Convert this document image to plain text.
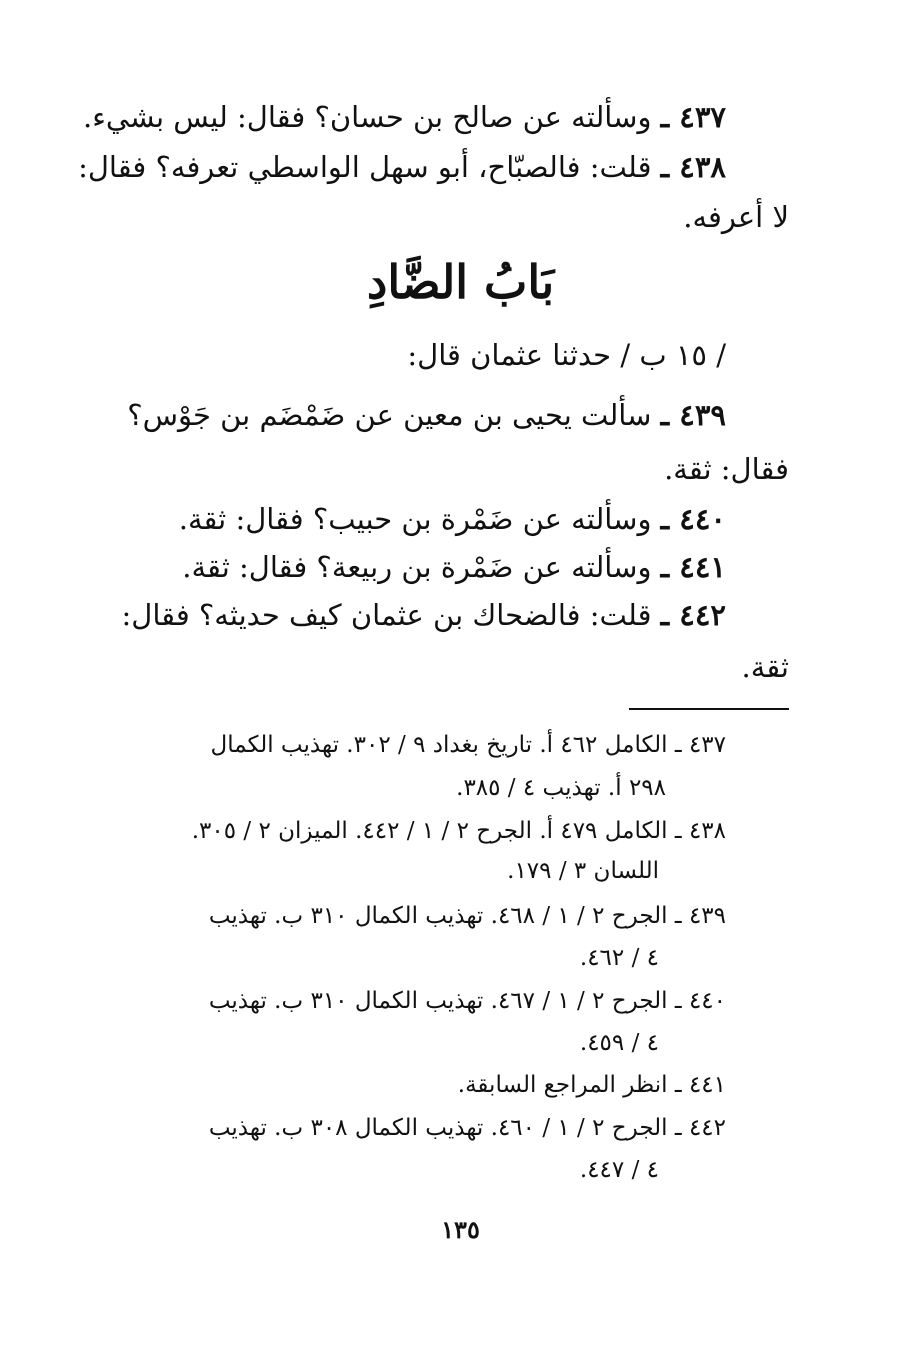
٤٣٧ ـ وسألته عن صالح بن حسان؟ فقال: ليس بشيء.
٤٣٨ ـ قلت: فالصبّاح، أبو سهل الواسطي تعرفه؟ فقال:
لا أعرفه.
بَابُ الضَّادِ
/ ١٥ ب / حدثنا عثمان قال:
٤٣٩ ـ سألت يحيى بن معين عن ضَمْضَم بن جَوْس؟
فقال: ثقة.
٤٤٠ ـ وسألته عن ضَمْرة بن حبيب؟ فقال: ثقة.
٤٤١ ـ وسألته عن ضَمْرة بن ربيعة؟ فقال: ثقة.
٤٤٢ ـ قلت: فالضحاك بن عثمان كيف حديثه؟ فقال:
ثقة.
٤٣٧ ـ الكامل ٤٦٢ أ. تاريخ بغداد ٩ / ٣٠٢. تهذيب الكمال
٢٩٨ أ. تهذيب ٤ / ٣٨٥.
٤٣٨ ـ الكامل ٤٧٩ أ. الجرح ٢ / ١ / ٤٤٢. الميزان ٢ / ٣٠٥.
اللسان ٣ / ١٧٩.
٤٣٩ ـ الجرح ٢ / ١ / ٤٦٨. تهذيب الكمال ٣١٠ ب. تهذيب
٤ / ٤٦٢.
٤٤٠ ـ الجرح ٢ / ١ / ٤٦٧. تهذيب الكمال ٣١٠ ب. تهذيب
٤ / ٤٥٩.
٤٤١ ـ انظر المراجع السابقة.
٤٤٢ ـ الجرح ٢ / ١ / ٤٦٠. تهذيب الكمال ٣٠٨ ب. تهذيب
٤ / ٤٤٧.
١٣٥
